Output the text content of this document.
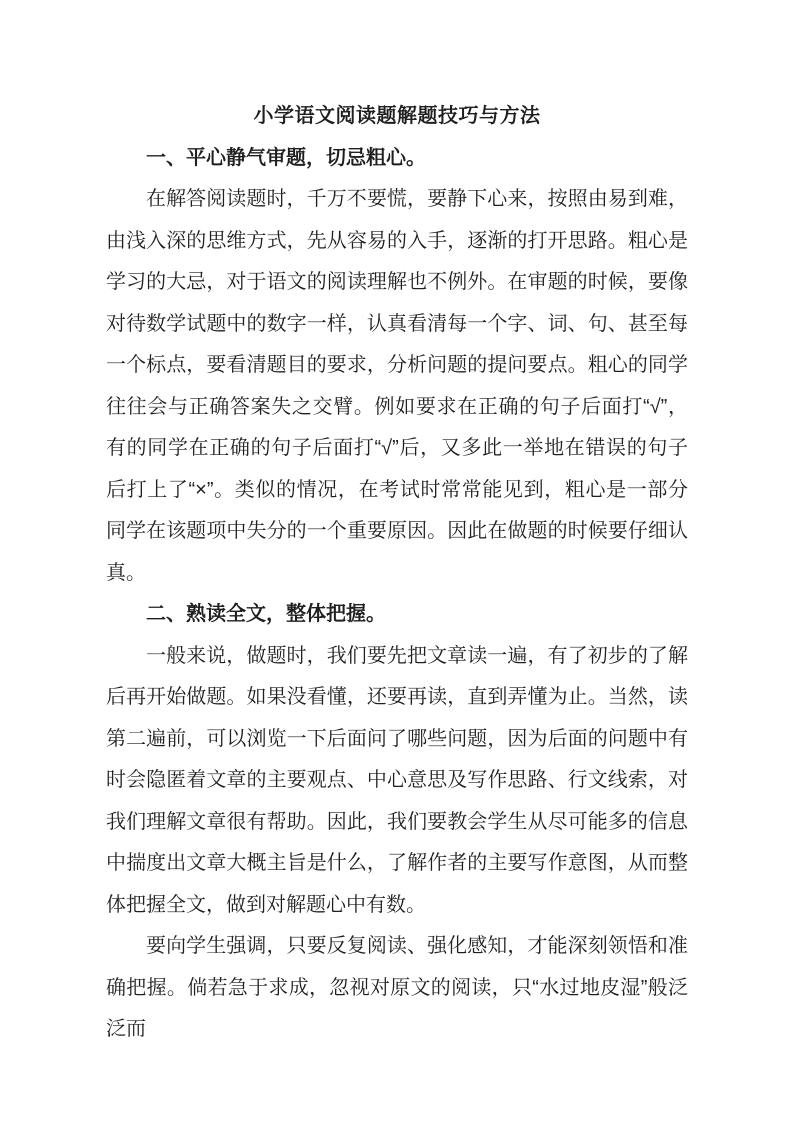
小学语文阅读题解题技巧与方法
一、平心静气审题，切忌粗心。

在解答阅读题时，千万不要慌，要静下心来，按照由易到难，由浅入深的思维方式，先从容易的入手，逐渐的打开思路。粗心是学习的大忌，对于语文的阅读理解也不例外。在审题的时候，要像对待数学试题中的数字一样，认真看清每一个字、词、句、甚至每一个标点，要看清题目的要求，分析问题的提问要点。粗心的同学往往会与正确答案失之交臂。例如要求在正确的句子后面打“√”，有的同学在正确的句子后面打“√”后，又多此一举地在错误的句子后打上了“×”。类似的情况，在考试时常常能见到，粗心是一部分同学在该题项中失分的一个重要原因。因此在做题的时候要仔细认真。

二、熟读全文，整体把握。

一般来说，做题时，我们要先把文章读一遍，有了初步的了解后再开始做题。如果没看懂，还要再读，直到弄懂为止。当然，读第二遍前，可以浏览一下后面问了哪些问题，因为后面的问题中有时会隐匿着文章的主要观点、中心意思及写作思路、行文线索，对我们理解文章很有帮助。因此，我们要教会学生从尽可能多的信息中揣度出文章大概主旨是什么，了解作者的主要写作意图，从而整体把握全文，做到对解题心中有数。

要向学生强调，只要反复阅读、强化感知，才能深刻领悟和准确把握。倘若急于求成，忽视对原文的阅读，只“水过地皮湿”般泛泛而
